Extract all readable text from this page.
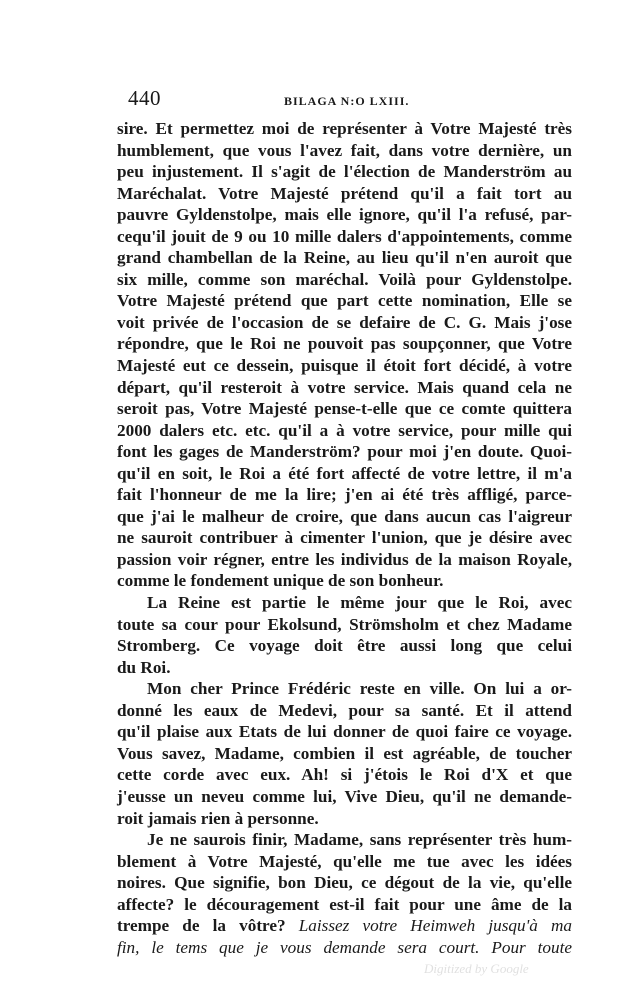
440	BILAGA N:O LXIII.
sire. Et permettez moi de représenter à Votre Majesté très
humblement, que vous l'avez fait, dans votre dernière, un
peu injustement. Il s'agit de l'élection de Manderström au
Maréchalat. Votre Majesté prétend qu'il a fait tort au
pauvre Gyldenstolpe, mais elle ignore, qu'il l'a refusé, par-
cequ'il jouit de 9 ou 10 mille dalers d'appointements, comme
grand chambellan de la Reine, au lieu qu'il n'en auroit que
six mille, comme son maréchal. Voilà pour Gyldenstolpe.
Votre Majesté prétend que part cette nomination, Elle se
voit privée de l'occasion de se defaire de C. G. Mais j'ose
répondre, que le Roi ne pouvoit pas soupçonner, que Votre
Majesté eut ce dessein, puisque il étoit fort décidé, à votre
départ, qu'il resteroit à votre service. Mais quand cela ne
seroit pas, Votre Majesté pense-t-elle que ce comte quittera
2000 dalers etc. etc. qu'il a à votre service, pour mille qui
font les gages de Manderström? pour moi j'en doute. Quoi-
qu'il en soit, le Roi a été fort affecté de votre lettre, il m'a
fait l'honneur de me la lire; j'en ai été très affligé, parce-
que j'ai le malheur de croire, que dans aucun cas l'aigreur
ne sauroit contribuer à cimenter l'union, que je désire avec
passion voir régner, entre les individus de la maison Royale,
comme le fondement unique de son bonheur.
La Reine est partie le même jour que le Roi, avec
toute sa cour pour Ekolsund, Strömsholm et chez Madame
Stromberg. Ce voyage doit être aussi long que celui
du Roi.
Mon cher Prince Frédéric reste en ville. On lui a or-
donné les eaux de Medevi, pour sa santé. Et il attend
qu'il plaise aux Etats de lui donner de quoi faire ce voyage.
Vous savez, Madame, combien il est agréable, de toucher
cette corde avec eux. Ah! si j'étois le Roi d'X et que
j'eusse un neveu comme lui, Vive Dieu, qu'il ne demande-
roit jamais rien à personne.
Je ne saurois finir, Madame, sans représenter très hum-
blement à Votre Majesté, qu'elle me tue avec les idées
noires. Que signifie, bon Dieu, ce dégout de la vie, qu'elle
affecte? le découragement est-il fait pour une âme de la
trempe de la vôtre? Laissez votre Heimweh jusqu'à ma
fin, le tems que je vous demande sera court. Pour toute
Digitized by Google
